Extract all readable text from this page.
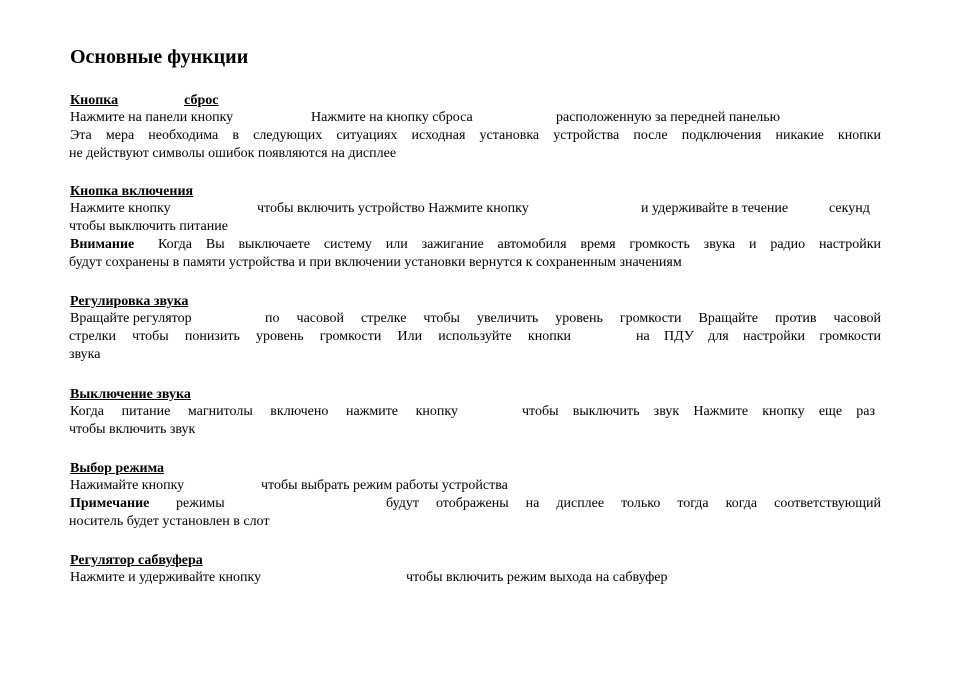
Основные функции
Кнопка	сброс
Нажмите на панели кнопку	Нажмите на кнопку сброса	расположенную за передней панелью
Эта мера необходима в следующих ситуациях исходная установка устройства после подключения никакие кнопки
не действуют символы ошибок появляются на дисплее
Кнопка включения
Нажмите кнопку	чтобы включить устройство Нажмите кнопку	и удерживайте в течение	секунд
чтобы выключить питание
Внимание Когда Вы выключаете систему или зажигание автомобиля время громкость звука и радио настройки
будут сохранены в памяти устройства и при включении установки вернутся к сохраненным значениям
Регулировка звука
Вращайте регулятор	по часовой стрелке чтобы увеличить уровень громкости Вращайте против часовой
стрелки чтобы понизить уровень громкости Или используйте кнопки	на ПДУ для настройки громкости
звука
Выключение звука
Когда питание магнитолы включено нажмите кнопку	чтобы выключить звук Нажмите кнопку еще раз
чтобы включить звук
Выбор режима
Нажимайте кнопку	чтобы выбрать режим работы устройства
Примечание режимы	будут отображены на дисплее только тогда когда соответствующий
носитель будет установлен в слот
Регулятор сабвуфера
Нажмите и удерживайте кнопку	чтобы включить режим выхода на сабвуфер
